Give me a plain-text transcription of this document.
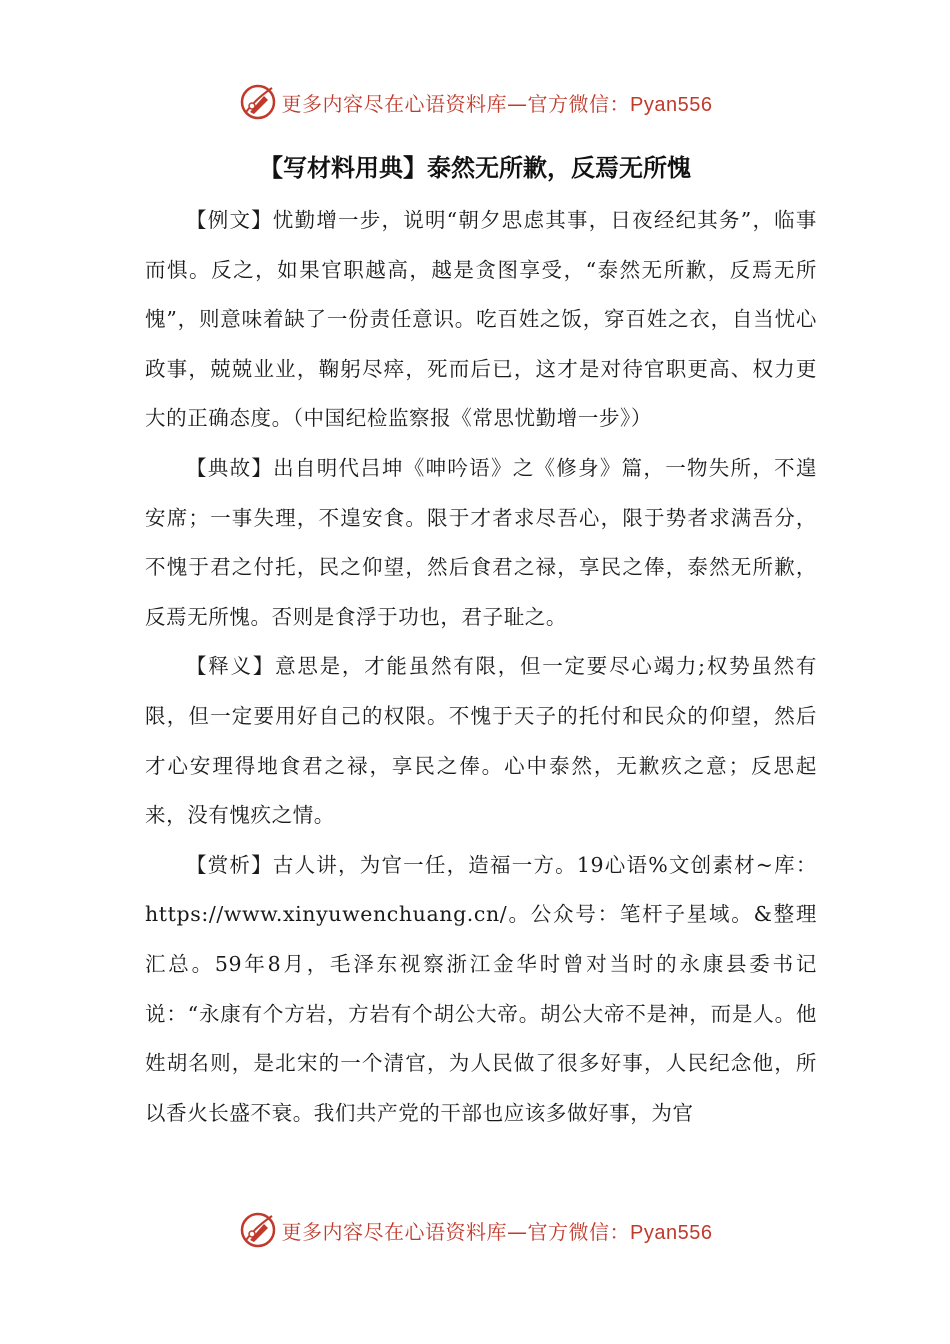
更多内容尽在心语资料库—官方微信：Pyan556
【写材料用典】泰然无所歉，反焉无所愧

【例文】忧勤增一步，说明“朝夕思虑其事，日夜经纪其务”，临事而惧。反之，如果官职越高，越是贪图享受，“泰然无所歉，反焉无所愧”，则意味着缺了一份责任意识。吃百姓之饭，穿百姓之衣，自当忧心政事，兢兢业业，鞠躬尽瘁，死而后已，这才是对待官职更高、权力更大的正确态度。（中国纪检监察报《常思忧勤增一步》）

【典故】出自明代吕坤《呻吟语》之《修身》篇，一物失所，不遑安席；一事失理，不遑安食。限于才者求尽吾心，限于势者求满吾分，不愧于君之付托，民之仰望，然后食君之禄，享民之俸，泰然无所歉，反焉无所愧。否则是食浮于功也，君子耻之。

【释义】意思是，才能虽然有限，但一定要尽心竭力;权势虽然有限，但一定要用好自己的权限。不愧于天子的托付和民众的仰望，然后才心安理得地食君之禄，享民之俸。心中泰然，无歉疚之意；反思起来，没有愧疚之情。

【赏析】古人讲，为官一任，造福一方。19心语%文创素材~库：https://www.xinyuwenchuang.cn/。公众号：笔杆子星域。&整理汇总。59年8月，毛泽东视察浙江金华时曾对当时的永康县委书记说：“永康有个方岩，方岩有个胡公大帝。胡公大帝不是神，而是人。他姓胡名则，是北宋的一个清官，为人民做了很多好事，人民纪念他，所以香火长盛不衰。我们共产党的干部也应该多做好事，为官

更多内容尽在心语资料库—官方微信：Pyan556
